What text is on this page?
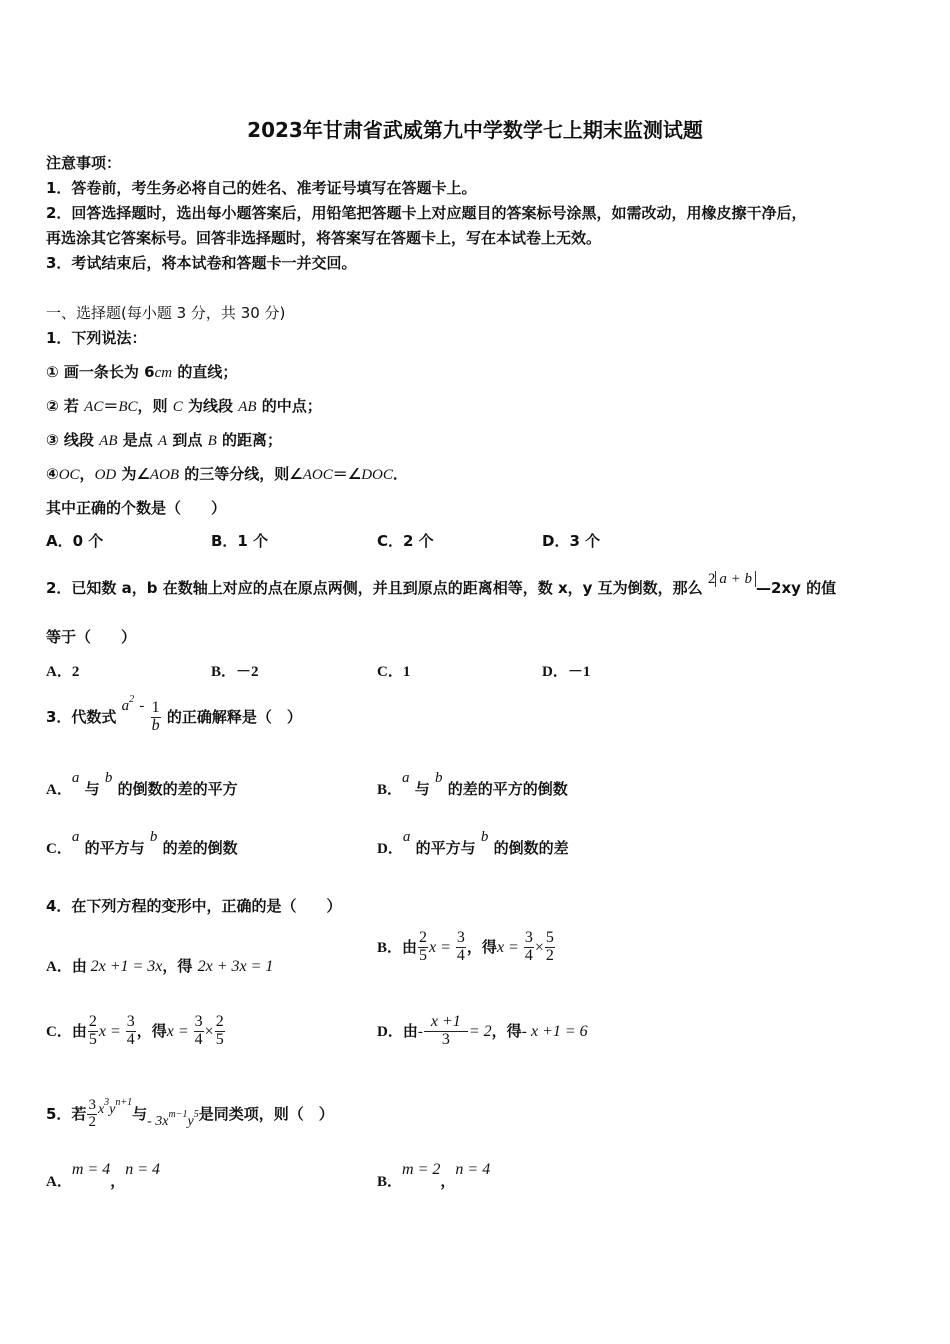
2023年甘肃省武威第九中学数学七上期末监测试题
注意事项：
1．答卷前，考生务必将自己的姓名、准考证号填写在答题卡上。
2．回答选择题时，选出每小题答案后，用铅笔把答题卡上对应题目的答案标号涂黑，如需改动，用橡皮擦干净后，
再选涂其它答案标号。回答非选择题时，将答案写在答题卡上，写在本试卷上无效。
3．考试结束后，将本试卷和答题卡一并交回。
一、选择题(每小题 3 分，共 30 分)
1．下列说法：
① 画一条长为 6cm 的直线；
② 若 AC＝BC，则 C 为线段 AB 的中点；
③ 线段 AB 是点 A 到点 B 的距离；
④OC，OD 为∠AOB 的三等分线，则∠AOC＝∠DOC．
其中正确的个数是（　　）
A．0 个	B．1 个	C．2 个	D．3 个
2．已知数 a，b 在数轴上对应的点在原点两侧，并且到原点的距离相等，数 x，y 互为倒数，那么 2 a + b —2xy 的值
等于（　　）
A．2	B．－2	C．1	D．－1
3．代数式 $a^2 - \frac{1}{b}$ 的正确解释是（　）
A．a 与 b 的倒数的差的平方	B．a 与 b 的差的平方的倒数
C．a 的平方与 b 的差的倒数	D．a 的平方与 b 的倒数的差
4．在下列方程的变形中，正确的是（　　）
A．由 2x +1 = 3x，得 2x + 3x = 1
B．由 $\frac{2}{5}$ $x = \frac{3}{4}$ ，得$x = \frac{3}{4} \times \frac{5}{2}$
C．由 $\frac{2}{5}$ $x = \frac{3}{4}$ ，得$x = \frac{3}{4} \times \frac{2}{5}$	D．由- $\frac{x +1}{3} = 2$，得- x +1 = 6
5．若 $\frac{3}{2} x^3y^{n+1}$与- $3x^{m-1}y^5$是同类项，则（　）
A．m = 4，n = 4
B．m = 2，n = 4
